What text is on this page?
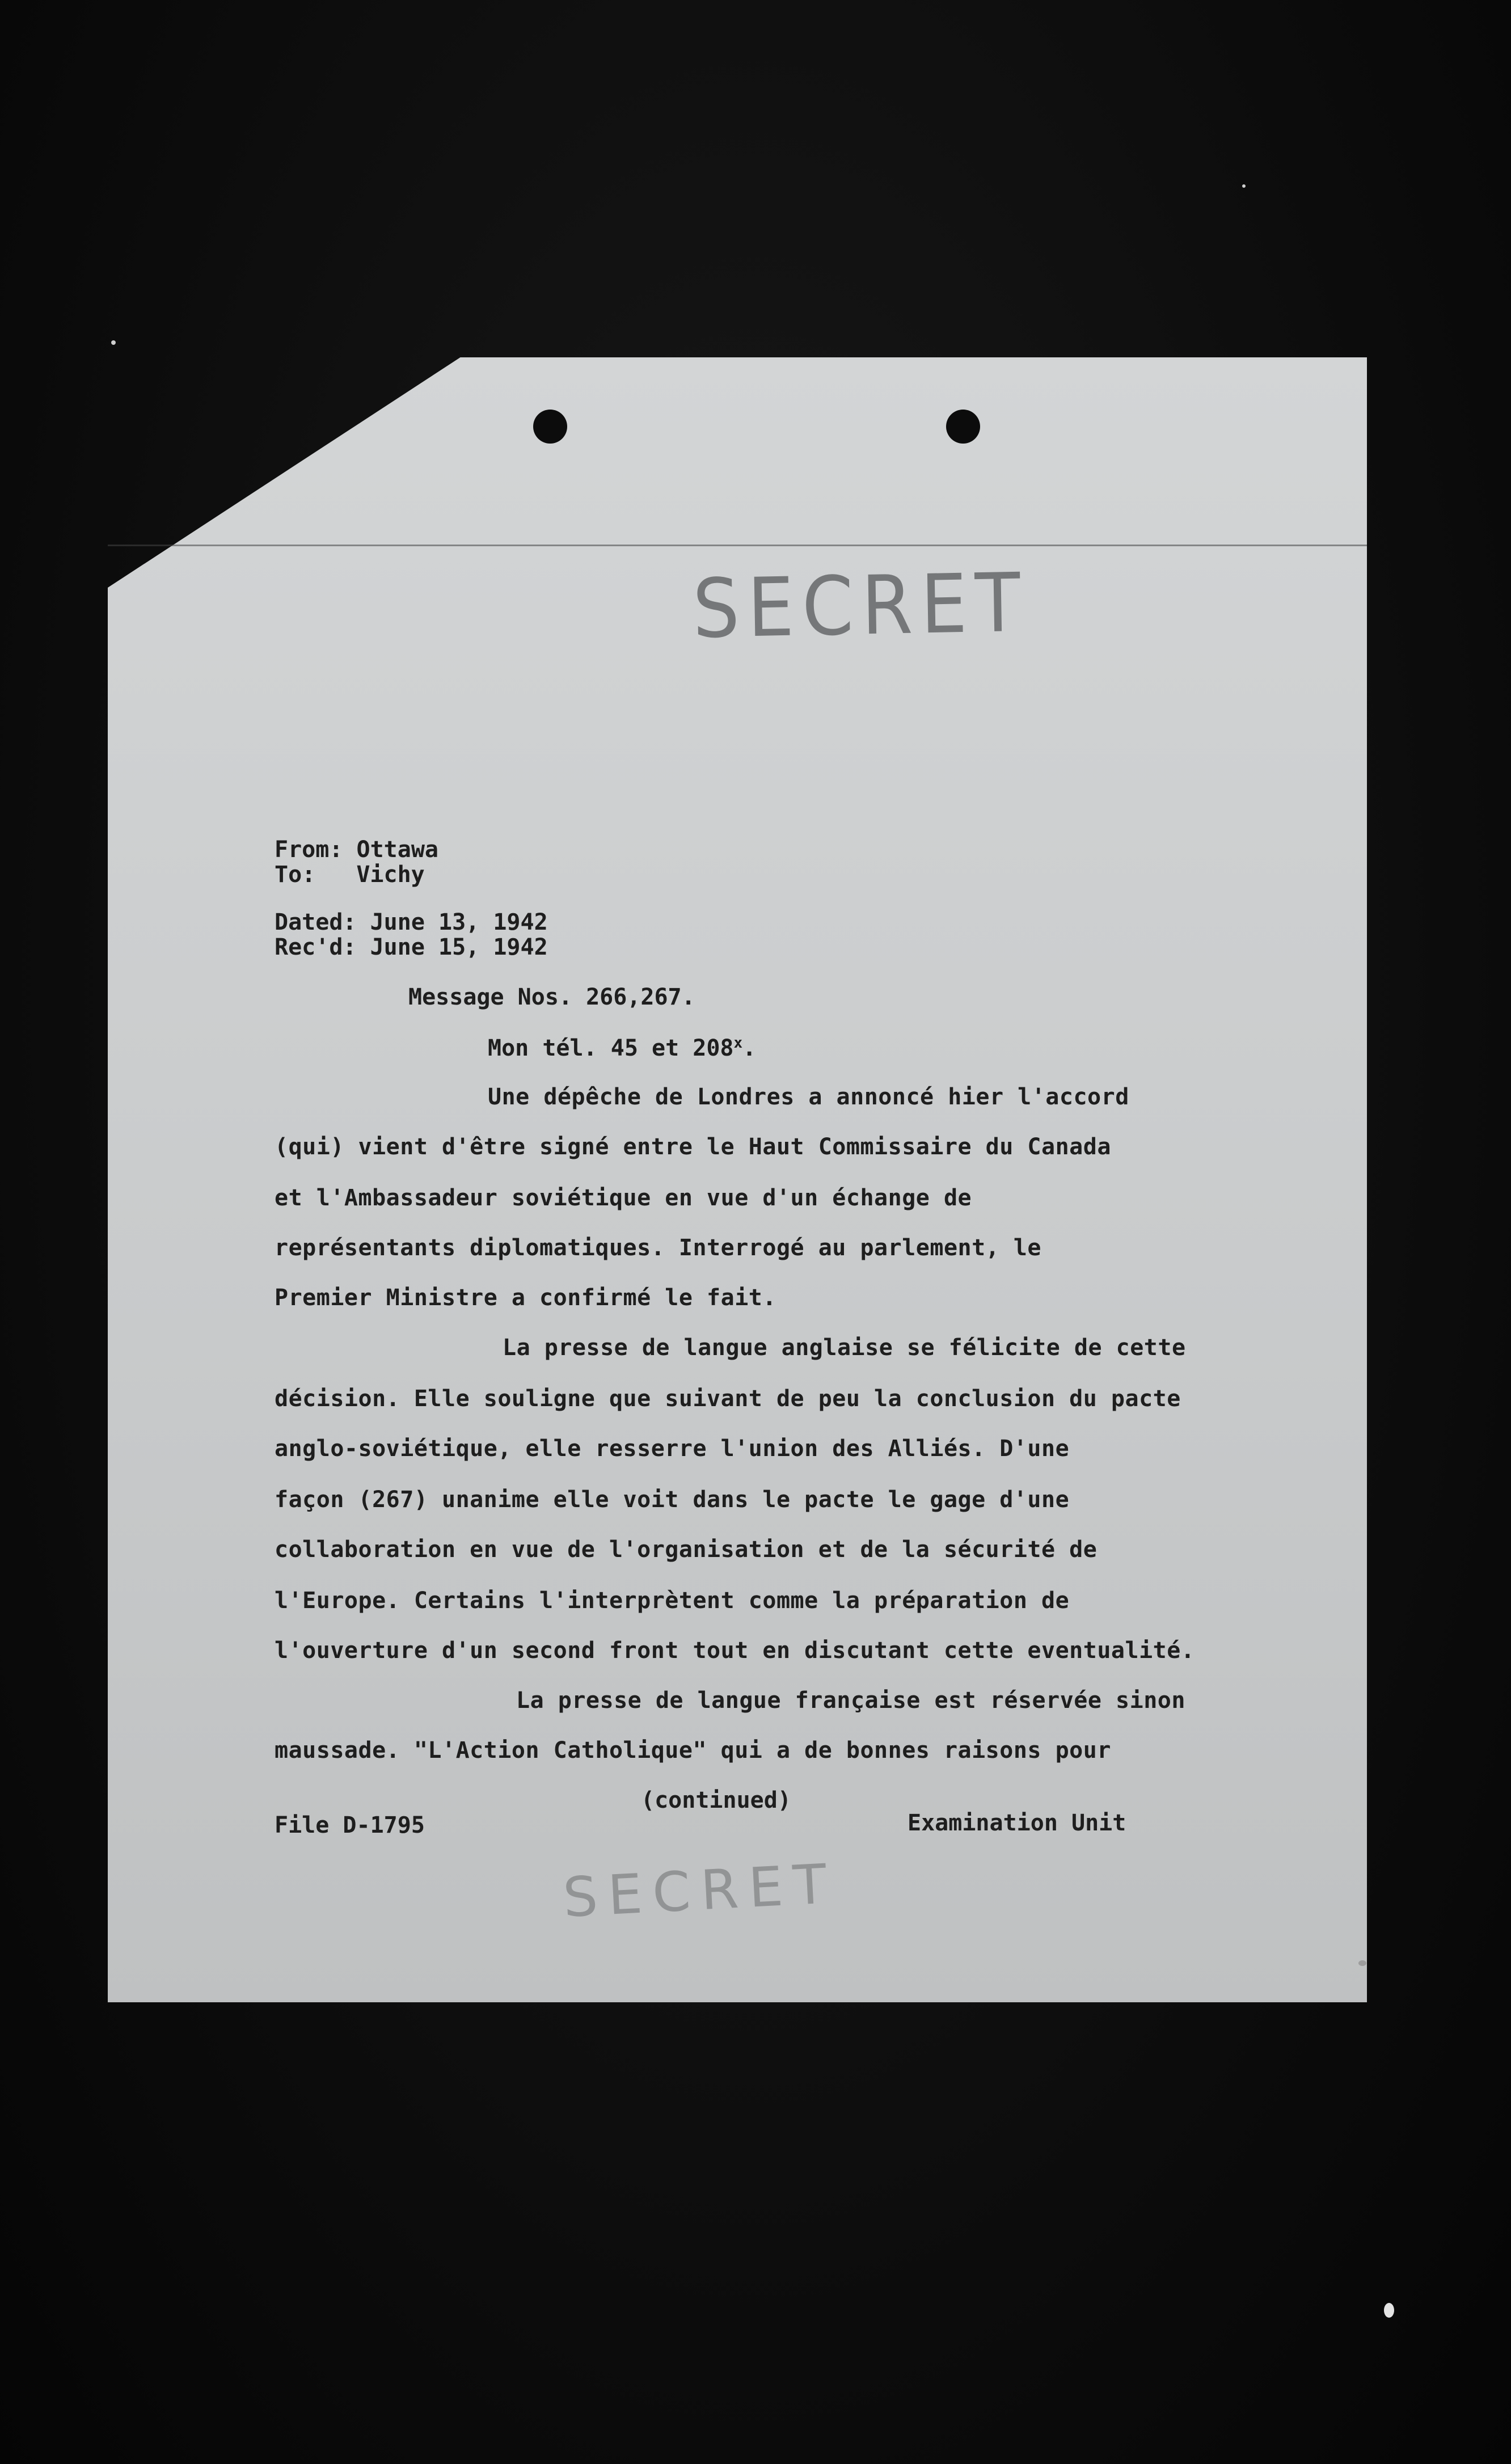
SECRET
From: Ottawa
To: Vichy
Dated: June 13, 1942
Rec'd: June 15, 1942
Message Nos. 266,267.
Mon tél. 45 et 208$^x$.
Une dépêche de Londres a annoncé hier l'accord
(qui) vient d'être signé entre le Haut Commissaire du Canada
et l'Ambassadeur soviétique en vue d'un échange de
représentants diplomatiques. Interrogé au parlement, le
Premier Ministre a confirmé le fait.
La presse de langue anglaise se félicite de cette
décision. Elle souligne que suivant de peu la conclusion du pacte
anglo-soviétique, elle resserre l'union des Alliés. D'une
façon (267) unanime elle voit dans le pacte le gage d'une
collaboration en vue de l'organisation et de la sécurité de
l'Europe. Certains l'interprètent comme la préparation de
l'ouverture d'un second front tout en discutant cette eventualité.
La presse de langue française est réservée sinon
maussade. "L'Action Catholique" qui a de bonnes raisons pour
(continued)
File D-1795	Examination Unit
SECRET
